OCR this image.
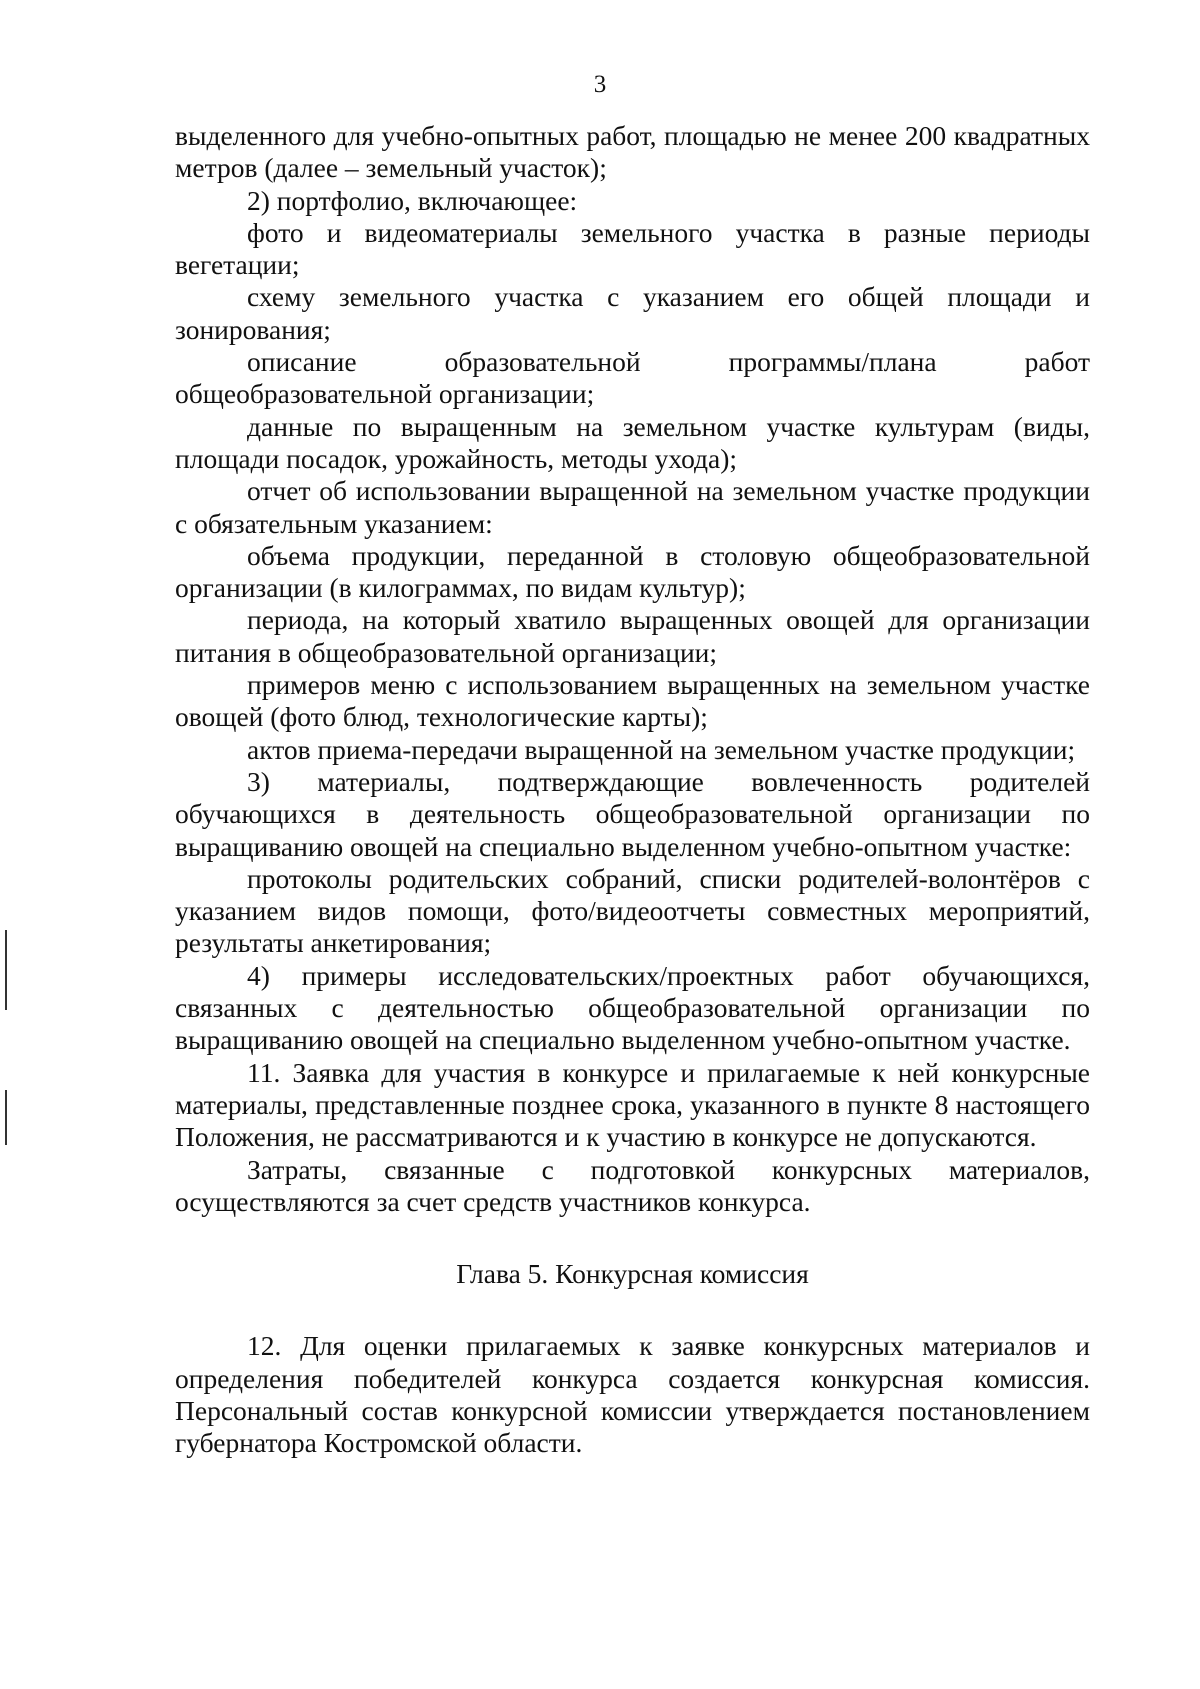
3

выделенного для учебно-опытных работ, площадью не менее 200 квадратных метров (далее – земельный участок);

2) портфолио, включающее:

фото и видеоматериалы земельного участка в разные периоды вегетации;

схему земельного участка с указанием его общей площади и зонирования;

описание образовательной программы/плана работ общеобразовательной организации;

данные по выращенным на земельном участке культурам (виды, площади посадок, урожайность, методы ухода);

отчет об использовании выращенной на земельном участке продукции с обязательным указанием:

объема продукции, переданной в столовую общеобразовательной организации (в килограммах, по видам культур);

периода, на который хватило выращенных овощей для организации питания в общеобразовательной организации;

примеров меню с использованием выращенных на земельном участке овощей (фото блюд, технологические карты);

актов приема-передачи выращенной на земельном участке продукции;

3) материалы, подтверждающие вовлеченность родителей обучающихся в деятельность общеобразовательной организации по выращиванию овощей на специально выделенном учебно-опытном участке:

протоколы родительских собраний, списки родителей-волонтёров с указанием видов помощи, фото/видеоотчеты совместных мероприятий, результаты анкетирования;

4) примеры исследовательских/проектных работ обучающихся, связанных с деятельностью общеобразовательной организации по выращиванию овощей на специально выделенном учебно-опытном участке.

11. Заявка для участия в конкурсе и прилагаемые к ней конкурсные материалы, представленные позднее срока, указанного в пункте 8 настоящего Положения, не рассматриваются и к участию в конкурсе не допускаются.

Затраты, связанные с подготовкой конкурсных материалов, осуществляются за счет средств участников конкурса.

Глава 5. Конкурсная комиссия

12. Для оценки прилагаемых к заявке конкурсных материалов и определения победителей конкурса создается конкурсная комиссия. Персональный состав конкурсной комиссии утверждается постановлением губернатора Костромской области.
